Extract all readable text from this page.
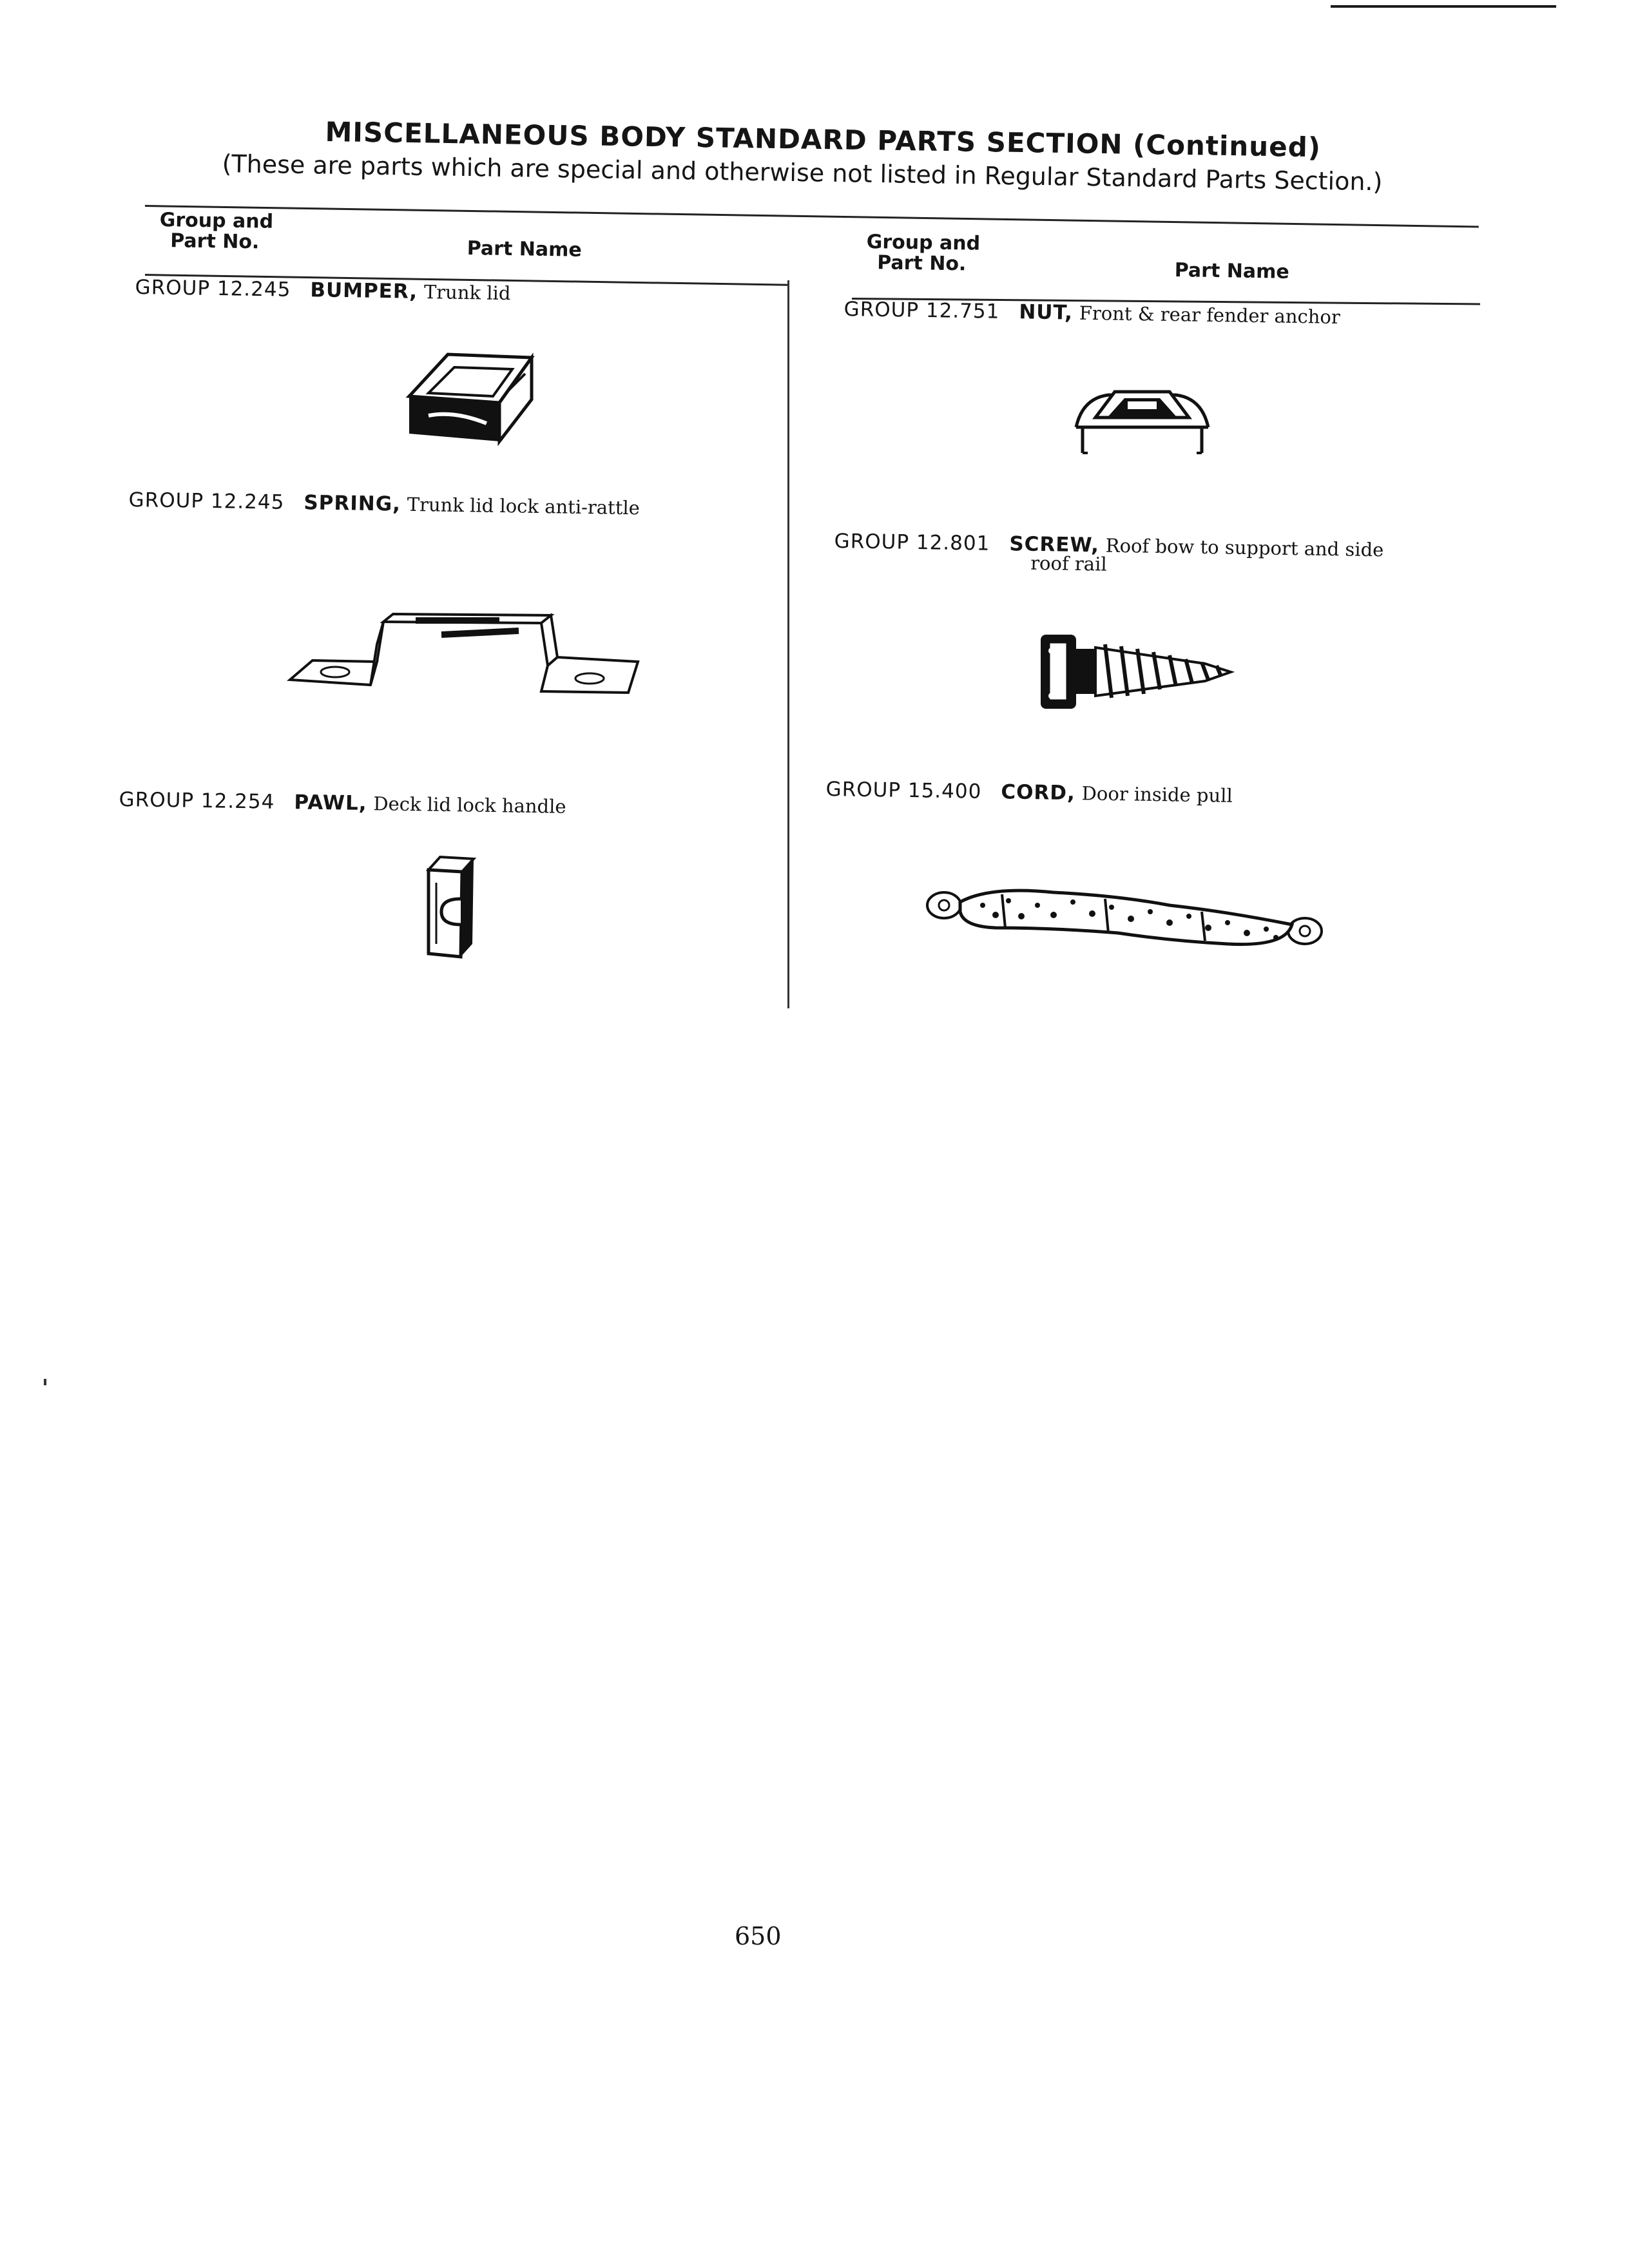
MISCELLANEOUS BODY STANDARD PARTS SECTION (Continued)
(These are parts which are special and otherwise not listed in Regular Standard Parts Section.)
Group and
Part No.	Part Name	Group and
Part No.	Part Name
GROUP 12.245 BUMPER, Trunk lid
GROUP 12.245 SPRING, Trunk lid lock anti-rattle
GROUP 12.254 PAWL, Deck lid lock handle
GROUP 12.751 NUT, Front & rear fender anchor
GROUP 12.801 SCREW, Roof bow to support and side
roof rail
GROUP 15.400 CORD, Door inside pull
650
